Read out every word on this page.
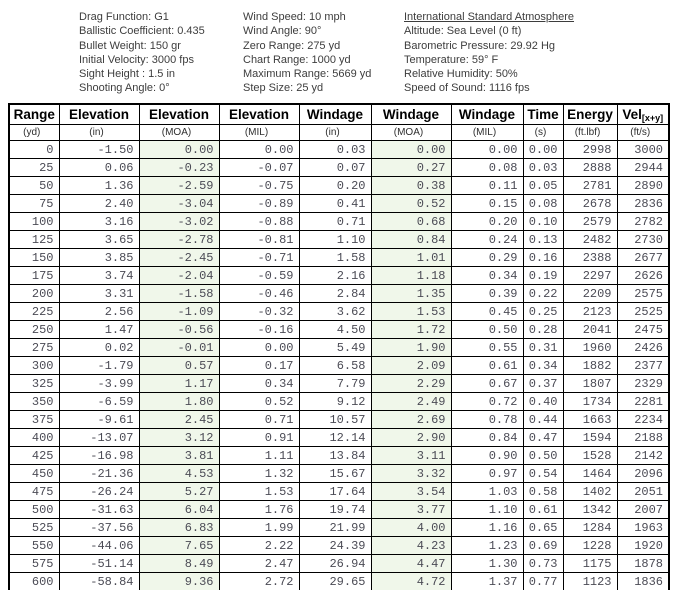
Drag Function: G1
Ballistic Coefficient: 0.435
Bullet Weight: 150 gr
Initial Velocity: 3000 fps
Sight Height : 1.5 in
Shooting Angle: 0°
Wind Speed: 10 mph
Wind Angle: 90°
Zero Range: 275 yd
Chart Range: 1000 yd
Maximum Range: 5669 yd
Step Size: 25 yd
International Standard Atmosphere
Altitude: Sea Level (0 ft)
Barometric Pressure: 29.92 Hg
Temperature: 59° F
Relative Humidity: 50%
Speed of Sound: 1116 fps
Range	Elevation	Elevation	Elevation	Windage	Windage	Windage	Time	Energy	Vel$_{[x+y]}$
(yd)	(in)	(MOA)	(MIL)	(in)	(MOA)	(MIL)	(s)	(ft.lbf)	(ft/s)
0	-1.50	0.00	0.00	0.03	0.00	0.00	0.00	2998	3000
25	0.06	-0.23	-0.07	0.07	0.27	0.08	0.03	2888	2944
50	1.36	-2.59	-0.75	0.20	0.38	0.11	0.05	2781	2890
75	2.40	-3.04	-0.89	0.41	0.52	0.15	0.08	2678	2836
100	3.16	-3.02	-0.88	0.71	0.68	0.20	0.10	2579	2782
125	3.65	-2.78	-0.81	1.10	0.84	0.24	0.13	2482	2730
150	3.85	-2.45	-0.71	1.58	1.01	0.29	0.16	2388	2677
175	3.74	-2.04	-0.59	2.16	1.18	0.34	0.19	2297	2626
200	3.31	-1.58	-0.46	2.84	1.35	0.39	0.22	2209	2575
225	2.56	-1.09	-0.32	3.62	1.53	0.45	0.25	2123	2525
250	1.47	-0.56	-0.16	4.50	1.72	0.50	0.28	2041	2475
275	0.02	-0.01	0.00	5.49	1.90	0.55	0.31	1960	2426
300	-1.79	0.57	0.17	6.58	2.09	0.61	0.34	1882	2377
325	-3.99	1.17	0.34	7.79	2.29	0.67	0.37	1807	2329
350	-6.59	1.80	0.52	9.12	2.49	0.72	0.40	1734	2281
375	-9.61	2.45	0.71	10.57	2.69	0.78	0.44	1663	2234
400	-13.07	3.12	0.91	12.14	2.90	0.84	0.47	1594	2188
425	-16.98	3.81	1.11	13.84	3.11	0.90	0.50	1528	2142
450	-21.36	4.53	1.32	15.67	3.32	0.97	0.54	1464	2096
475	-26.24	5.27	1.53	17.64	3.54	1.03	0.58	1402	2051
500	-31.63	6.04	1.76	19.74	3.77	1.10	0.61	1342	2007
525	-37.56	6.83	1.99	21.99	4.00	1.16	0.65	1284	1963
550	-44.06	7.65	2.22	24.39	4.23	1.23	0.69	1228	1920
575	-51.14	8.49	2.47	26.94	4.47	1.30	0.73	1175	1878
600	-58.84	9.36	2.72	29.65	4.72	1.37	0.77	1123	1836
